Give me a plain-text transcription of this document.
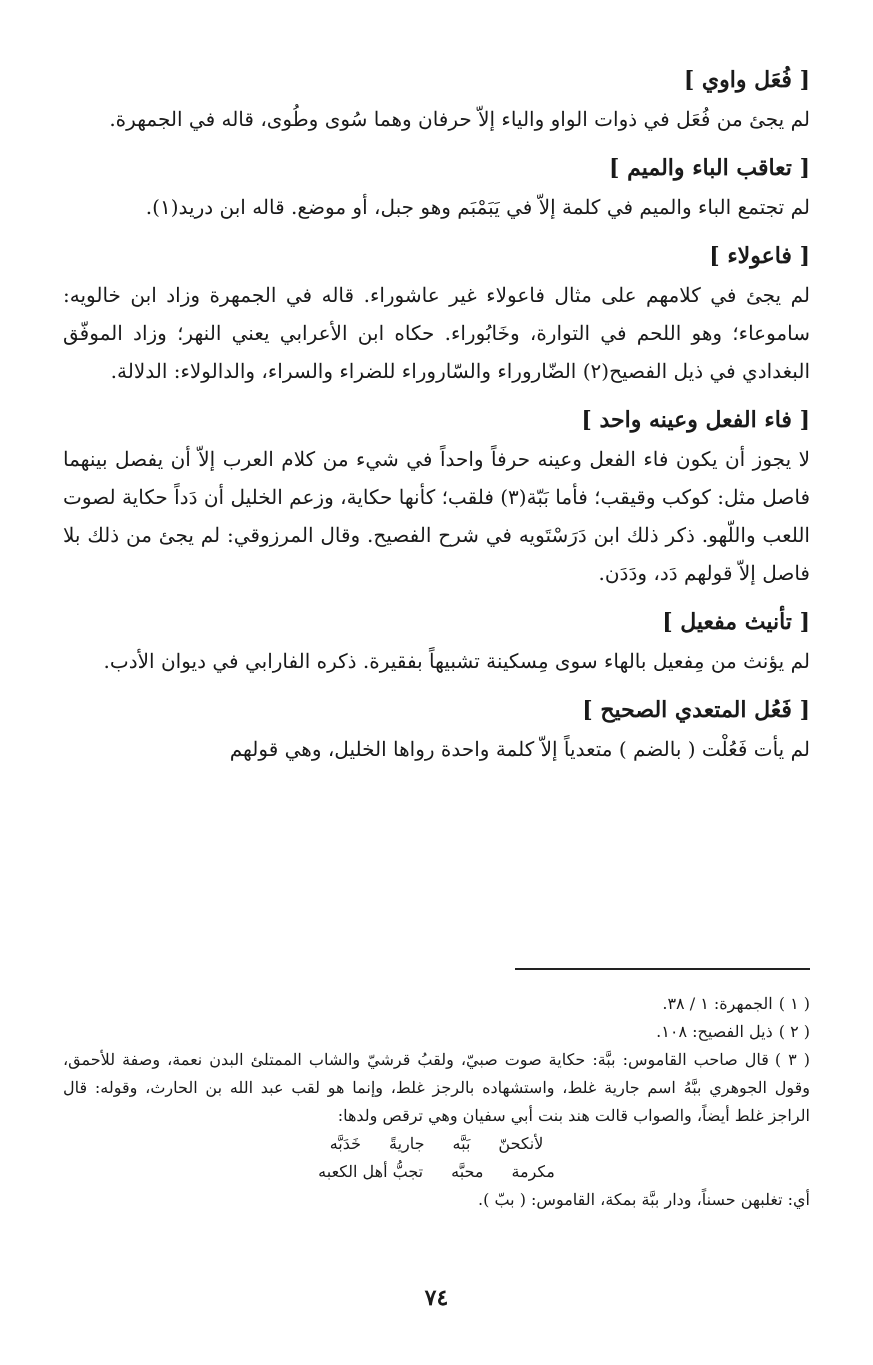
[ فُعَل واوي ]

لم يجئ من فُعَل في ذوات الواو والياء إلاّ حرفان وهما سُوى وطُوى، قاله في الجمهرة.

[ تعاقب الباء والميم ]

لم تجتمع الباء والميم في كلمة إلاّ في يَبَمْبَم وهو جبل، أو موضع. قاله ابن دريد(١).

[ فاعولاء ]

لم يجئ في كلامهم على مثال فاعولاء غير عاشوراء. قاله في الجمهرة وزاد ابن خالويه: ساموعاء؛ وهو اللحم في التوارة، وخَابُوراء. حكاه ابن الأعرابي يعني النهر؛ وزاد الموفّق البغدادي في ذيل الفصيح(٢) الضّاروراء والسّاروراء للضراء والسراء، والدالولاء: الدلالة.

[ فاء الفعل وعينه واحد ]

لا يجوز أن يكون فاء الفعل وعينه حرفاً واحداً في شيء من كلام العرب إلاّ أن يفصل بينهما فاصل مثل: كوكب وقيقب؛ فأما بَبّة(٣) فلقب؛ كأنها حكاية، وزعم الخليل أن دَداً حكاية لصوت اللعب واللّهو. ذكر ذلك ابن دَرَسْتَويه في شرح الفصيح. وقال المرزوقي: لم يجئ من ذلك بلا فاصل إلاّ قولهم دَد، ودَدَن.

[ تأنيث مفعيل ]

لم يؤنث من مِفعيل بالهاء سوى مِسكينة تشبيهاً بفقيرة. ذكره الفارابي في ديوان الأدب.

[ فَعُل المتعدي الصحيح ]

لم يأت فَعُلْت ( بالضم ) متعدياً إلاّ كلمة واحدة رواها الخليل، وهي قولهم

( ١ )الجمهرة: ١ / ٣٨.

( ٢ )ذيل الفصيح: ١٠٨.

( ٣ )قال صاحب القاموس: ببَّة: حكاية صوت صبيّ، ولقبُ قرشيّ والشاب الممتلئ البدن نعمة، وصفة للأحمق، وقول الجوهري ببَّهُ اسم جارية غلط، واستشهاده بالرجز غلط، وإنما هو لقب عبد الله بن الحارث، وقوله: قال الراجز غلط أيضاً، والصواب قالت هند بنت أبي سفيان وهي ترقص ولدها:

لأنكحنّ
بَبَّه
جاريةً
خَدَبَّه
مكرمة
محبَّه
تجبُّ أهل الكعبه

أي: تغلبهن حسناً، ودار ببَّة بمكة، القاموس: ( ببّ ).

٧٤
